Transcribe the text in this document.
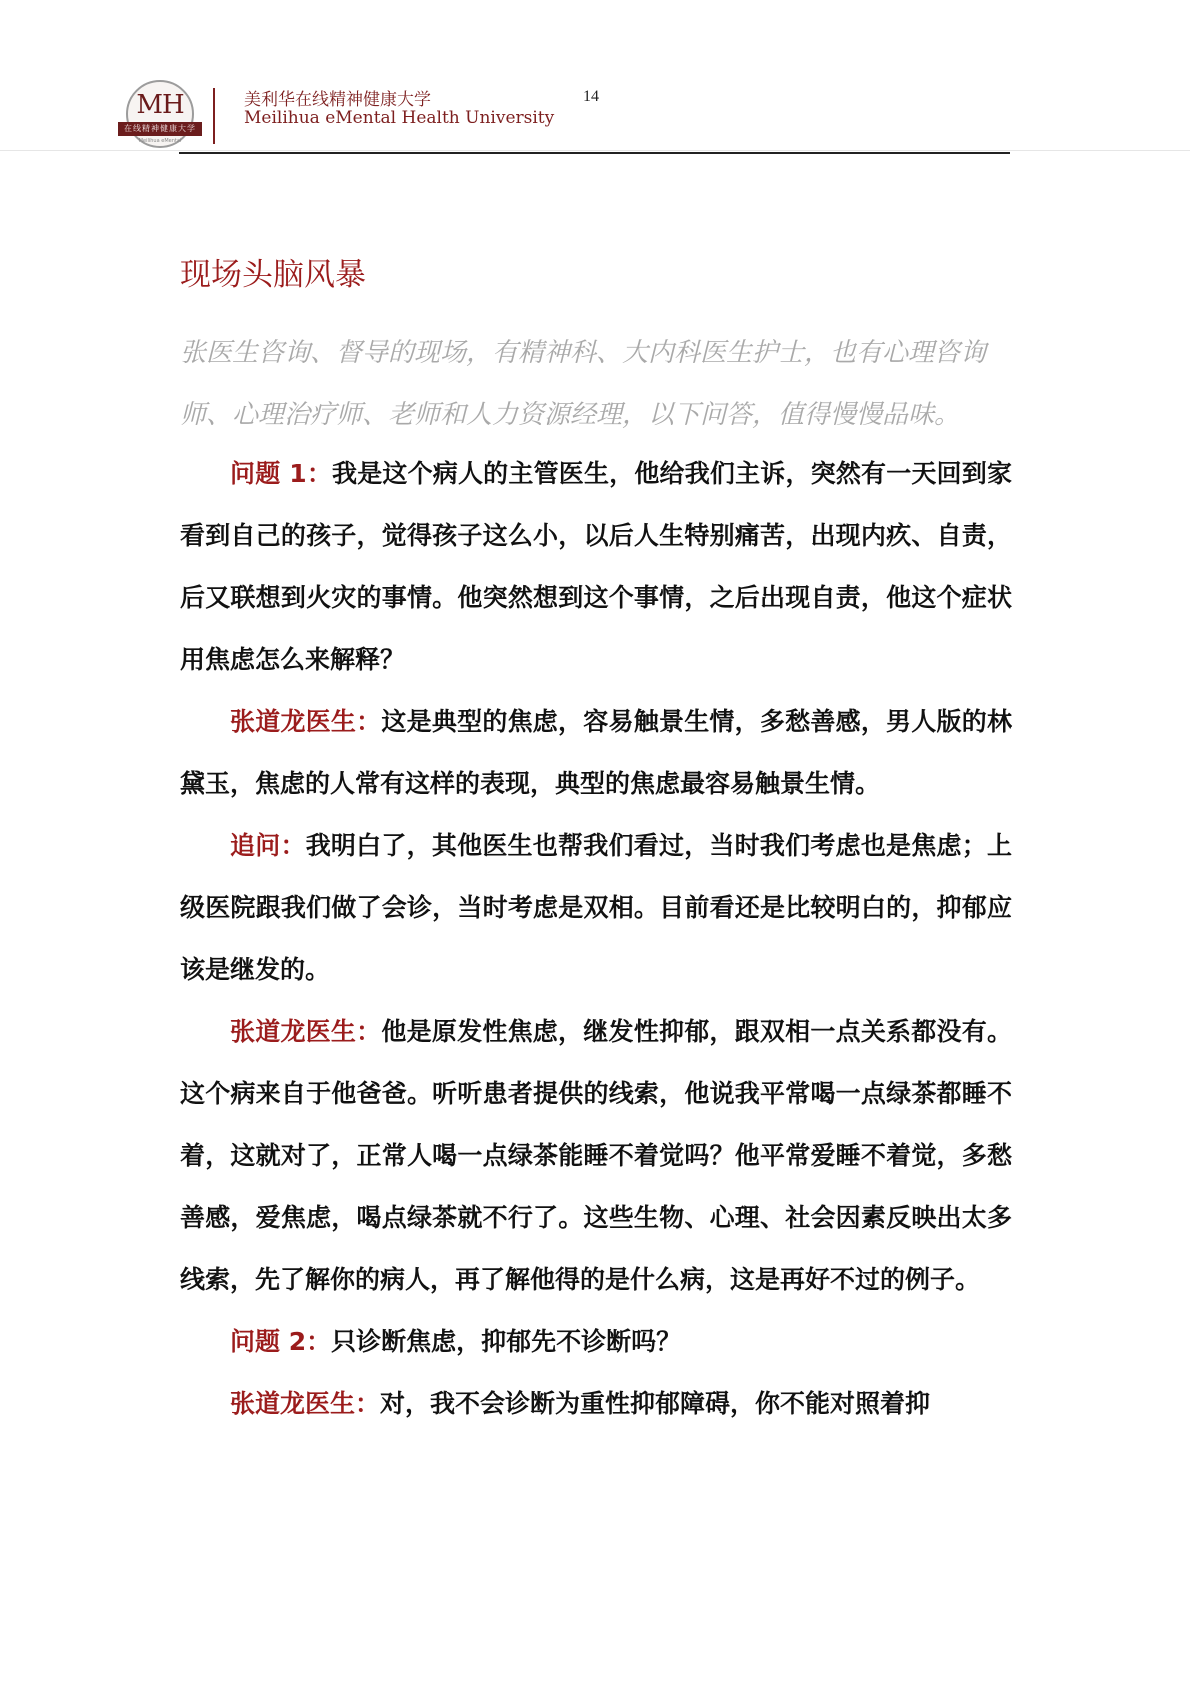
MH
在线精神健康大学
Meilihua eMental
美利华在线精神健康大学
Meilihua eMental Health University
14
现场头脑风暴
张医生咨询、督导的现场，有精神科、大内科医生护士，也有心理咨询师、心理治疗师、老师和人力资源经理，以下问答，值得慢慢品味。

问题 1：我是这个病人的主管医生，他给我们主诉，突然有一天回到家看到自己的孩子，觉得孩子这么小，以后人生特别痛苦，出现内疚、自责，后又联想到火灾的事情。他突然想到这个事情，之后出现自责，他这个症状用焦虑怎么来解释？

张道龙医生：这是典型的焦虑，容易触景生情，多愁善感，男人版的林黛玉，焦虑的人常有这样的表现，典型的焦虑最容易触景生情。

追问：我明白了，其他医生也帮我们看过，当时我们考虑也是焦虑；上级医院跟我们做了会诊，当时考虑是双相。目前看还是比较明白的，抑郁应该是继发的。

张道龙医生：他是原发性焦虑，继发性抑郁，跟双相一点关系都没有。这个病来自于他爸爸。听听患者提供的线索，他说我平常喝一点绿茶都睡不着，这就对了，正常人喝一点绿茶能睡不着觉吗？他平常爱睡不着觉，多愁善感，爱焦虑，喝点绿茶就不行了。这些生物、心理、社会因素反映出太多线索，先了解你的病人，再了解他得的是什么病，这是再好不过的例子。

问题 2：只诊断焦虑，抑郁先不诊断吗？

张道龙医生：对，我不会诊断为重性抑郁障碍，你不能对照着抑
